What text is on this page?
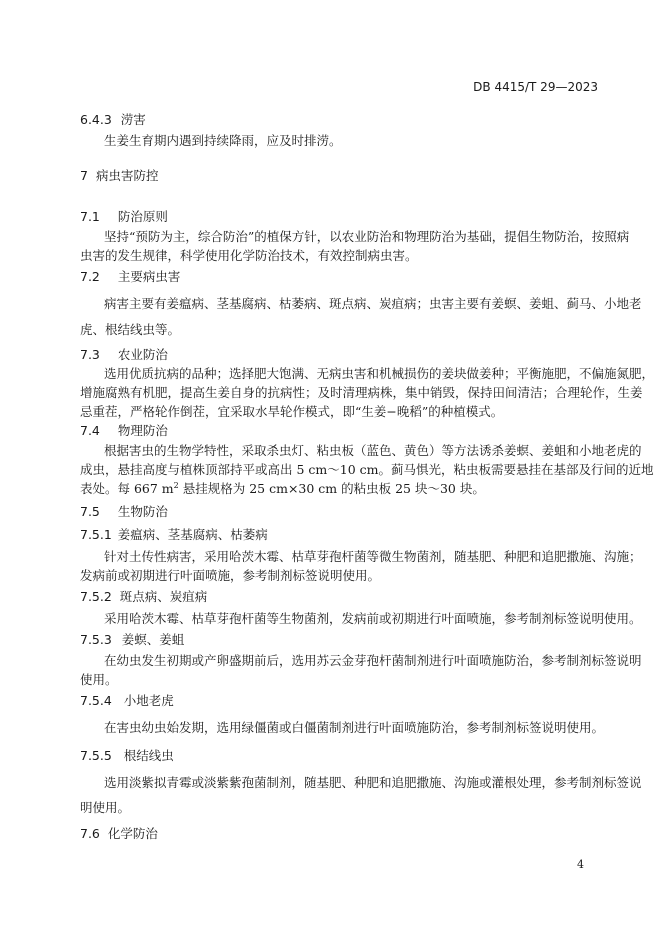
DB 4415/T 29—2023
6.4.3 涝害
生姜生育期内遇到持续降雨，应及时排涝。
7 病虫害防控
7.1 防治原则
坚持“预防为主，综合防治”的植保方针，以农业防治和物理防治为基础，提倡生物防治，按照病
虫害的发生规律，科学使用化学防治技术，有效控制病虫害。
7.2 主要病虫害
病害主要有姜瘟病、茎基腐病、枯萎病、斑点病、炭疽病；虫害主要有姜螟、姜蛆、蓟马、小地老
虎、根结线虫等。
7.3 农业防治
选用优质抗病的品种；选择肥大饱满、无病虫害和机械损伤的姜块做姜种；平衡施肥，不偏施氮肥，
增施腐熟有机肥，提高生姜自身的抗病性；及时清理病株，集中销毁，保持田间清洁；合理轮作，生姜
忌重茬，严格轮作倒茬，宜采取水旱轮作模式，即“生姜−晚稻”的种植模式。
7.4 物理防治
根据害虫的生物学特性，采取杀虫灯、粘虫板（蓝色、黄色）等方法诱杀姜螟、姜蛆和小地老虎的
成虫，悬挂高度与植株顶部持平或高出 5 cm～10 cm。蓟马惧光，粘虫板需要悬挂在基部及行间的近地
表处。每 667 $m^2$ 悬挂规格为 25 cm×30 cm 的粘虫板 25 块～30 块。
7.5 生物防治
7.5.1 姜瘟病、茎基腐病、枯萎病
针对土传性病害，采用哈茨木霉、枯草芽孢杆菌等微生物菌剂，随基肥、种肥和追肥撒施、沟施；
发病前或初期进行叶面喷施，参考制剂标签说明使用。
7.5.2 斑点病、炭疽病
采用哈茨木霉、枯草芽孢杆菌等生物菌剂，发病前或初期进行叶面喷施，参考制剂标签说明使用。
7.5.3 姜螟、姜蛆
在幼虫发生初期或产卵盛期前后，选用苏云金芽孢杆菌制剂进行叶面喷施防治，参考制剂标签说明
使用。
7.5.4 小地老虎
在害虫幼虫始发期，选用绿僵菌或白僵菌制剂进行叶面喷施防治，参考制剂标签说明使用。
7.5.5 根结线虫
选用淡紫拟青霉或淡紫紫孢菌制剂，随基肥、种肥和追肥撒施、沟施或灌根处理，参考制剂标签说
明使用。
7.6 化学防治
4
